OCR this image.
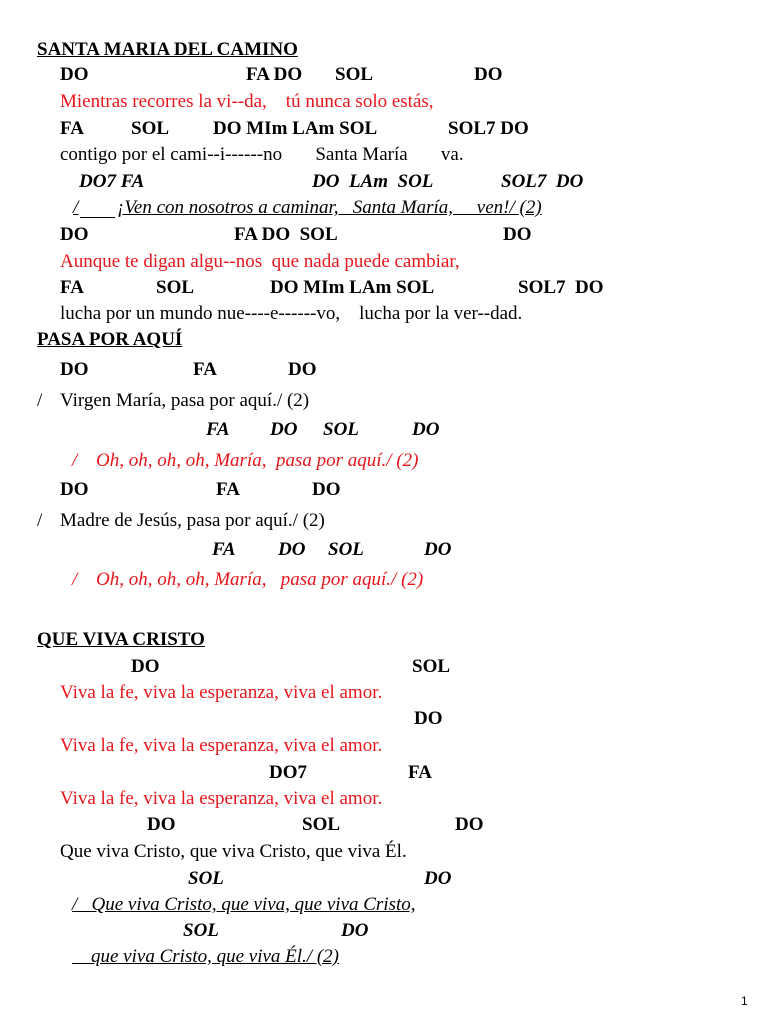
SANTA MARIA DEL CAMINO
DO	FA DO SOL	DO
Mientras recorres la vi--da,    tú nunca solo estás,
FA SOL DO MIm LAm SOL	SOL7 DO
contigo por el cami--i------no       Santa María       va.
DO7 FA	DO  LAm  SOL	SOL7  DO
/ ¡Ven con nosotros a caminar,   Santa María,     ven!/ (2)
DO	FA DO  SOL	DO
Aunque te digan algu--nos  que nada puede cambiar,
FA	SOL	DO MIm LAm SOL	SOL7  DO
lucha por un mundo nue----e------vo,    lucha por la ver--dad.
PASA POR AQUÍ
DO	FA	DO
/ Virgen María, pasa por aquí./ (2)
FA DO SOL	DO
/ Oh, oh, oh, oh, María,  pasa por aquí./ (2)
DO	FA	DO
/ Madre de Jesús, pasa por aquí./ (2)
FA DO SOL	DO
/ Oh, oh, oh, oh, María,   pasa por aquí./ (2)
QUE VIVA CRISTO
DO	SOL
Viva la fe, viva la esperanza, viva el amor.
DO
Viva la fe, viva la esperanza, viva el amor.
DO7	FA
Viva la fe, viva la esperanza, viva el amor.
DO	SOL	DO
Que viva Cristo, que viva Cristo, que viva Él.
SOL	DO
/   Que viva Cristo, que viva, que viva Cristo,
SOL	DO
que viva Cristo, que viva Él./ (2)
1
